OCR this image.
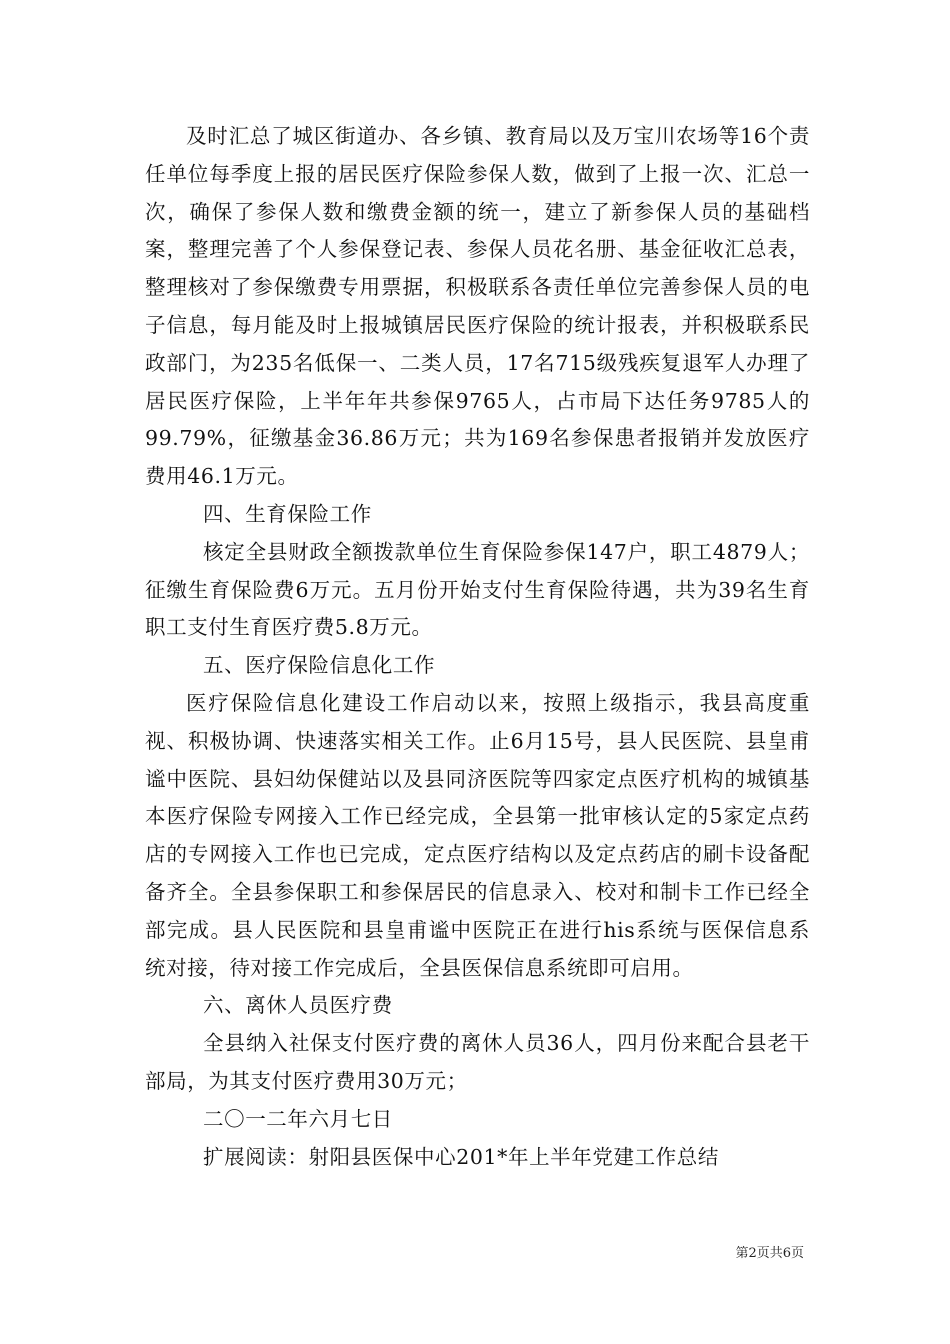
及时汇总了城区街道办、各乡镇、教育局以及万宝川农场等16个责任单位每季度上报的居民医疗保险参保人数，做到了上报一次、汇总一次，确保了参保人数和缴费金额的统一，建立了新参保人员的基础档案，整理完善了个人参保登记表、参保人员花名册、基金征收汇总表，整理核对了参保缴费专用票据，积极联系各责任单位完善参保人员的电子信息，每月能及时上报城镇居民医疗保险的统计报表，并积极联系民政部门，为235名低保一、二类人员，17名715级残疾复退军人办理了居民医疗保险，上半年年共参保9765人，占市局下达任务9785人的99.79%，征缴基金36.86万元；共为169名参保患者报销并发放医疗费用46.1万元。

四、生育保险工作

核定全县财政全额拨款单位生育保险参保147户，职工4879人；征缴生育保险费6万元。五月份开始支付生育保险待遇，共为39名生育职工支付生育医疗费5.8万元。

五、医疗保险信息化工作

医疗保险信息化建设工作启动以来，按照上级指示，我县高度重视、积极协调、快速落实相关工作。止6月15号，县人民医院、县皇甫谧中医院、县妇幼保健站以及县同济医院等四家定点医疗机构的城镇基本医疗保险专网接入工作已经完成，全县第一批审核认定的5家定点药店的专网接入工作也已完成，定点医疗结构以及定点药店的刷卡设备配备齐全。全县参保职工和参保居民的信息录入、校对和制卡工作已经全部完成。县人民医院和县皇甫谧中医院正在进行his系统与医保信息系统对接，待对接工作完成后，全县医保信息系统即可启用。

六、离休人员医疗费

全县纳入社保支付医疗费的离休人员36人，四月份来配合县老干部局，为其支付医疗费用30万元；

二〇一二年六月七日

扩展阅读：射阳县医保中心201*年上半年党建工作总结

第2页共6页
